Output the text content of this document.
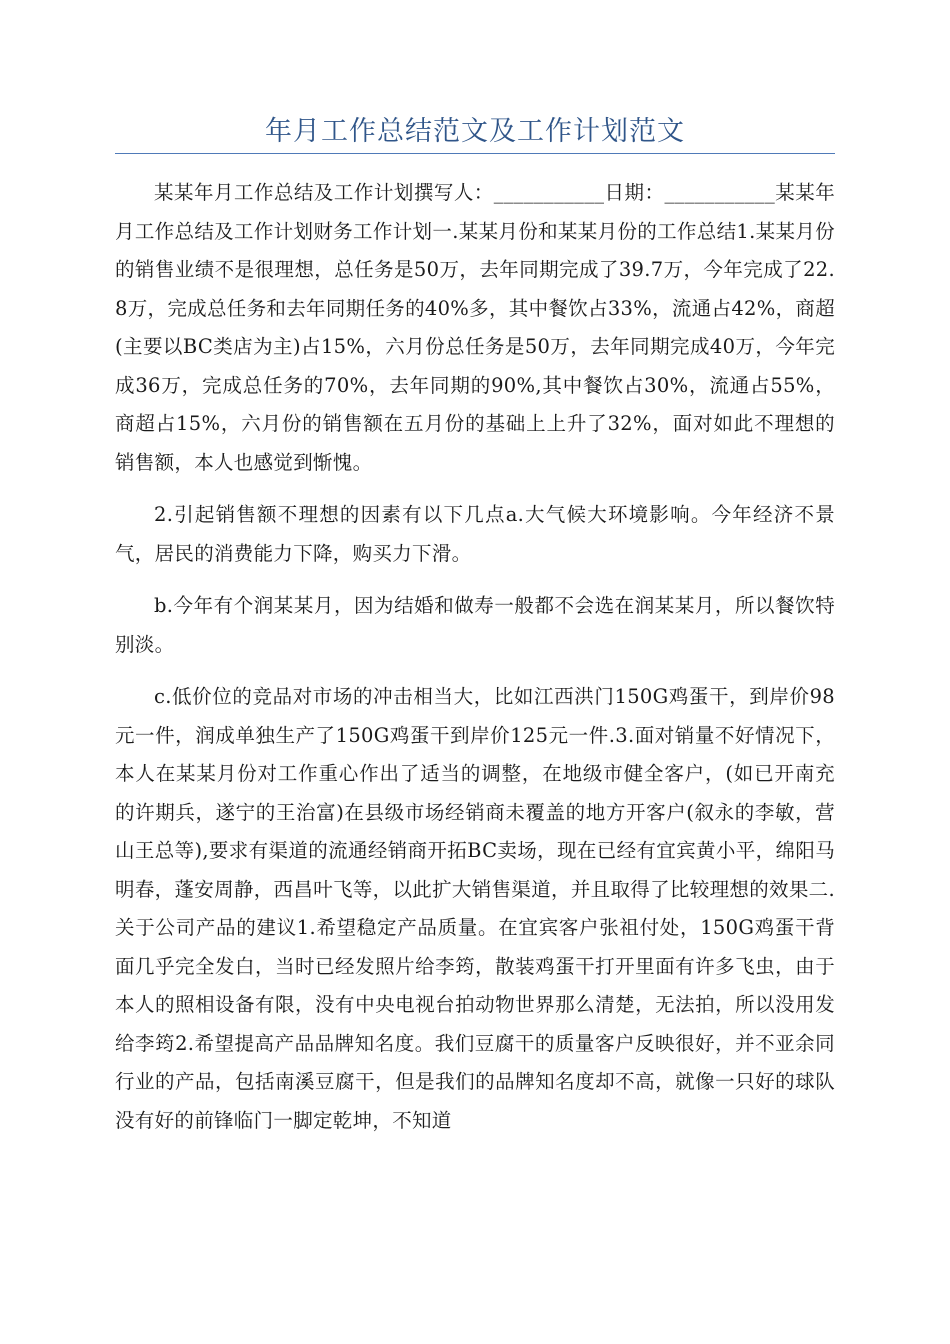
年月工作总结范文及工作计划范文

某某年月工作总结及工作计划撰写人：___________日期：___________某某年月工作总结及工作计划财务工作计划一.某某月份和某某月份的工作总结1.某某月份的销售业绩不是很理想，总任务是50万，去年同期完成了39.7万，今年完成了22.8万，完成总任务和去年同期任务的40%多，其中餐饮占33%，流通占42%，商超(主要以BC类店为主)占15%，六月份总任务是50万，去年同期完成40万，今年完成36万，完成总任务的70%，去年同期的90%,其中餐饮占30%，流通占55%，商超占15%，六月份的销售额在五月份的基础上上升了32%，面对如此不理想的销售额，本人也感觉到惭愧。

2.引起销售额不理想的因素有以下几点a.大气候大环境影响。今年经济不景气，居民的消费能力下降，购买力下滑。

b.今年有个润某某月，因为结婚和做寿一般都不会选在润某某月，所以餐饮特别淡。

c.低价位的竞品对市场的冲击相当大，比如江西洪门150G鸡蛋干，到岸价98元一件，润成单独生产了150G鸡蛋干到岸价125元一件.3.面对销量不好情况下，本人在某某月份对工作重心作出了适当的调整，在地级市健全客户，(如已开南充的许期兵，遂宁的王治富)在县级市场经销商未覆盖的地方开客户(叙永的李敏，营山王总等),要求有渠道的流通经销商开拓BC卖场，现在已经有宜宾黄小平，绵阳马明春，蓬安周静，西昌叶飞等，以此扩大销售渠道，并且取得了比较理想的效果二.关于公司产品的建议1.希望稳定产品质量。在宜宾客户张祖付处，150G鸡蛋干背面几乎完全发白，当时已经发照片给李筠，散装鸡蛋干打开里面有许多飞虫，由于本人的照相设备有限，没有中央电视台拍动物世界那么清楚，无法拍，所以没用发给李筠2.希望提高产品品牌知名度。我们豆腐干的质量客户反映很好，并不亚余同行业的产品，包括南溪豆腐干，但是我们的品牌知名度却不高，就像一只好的球队没有好的前锋临门一脚定乾坤，不知道
